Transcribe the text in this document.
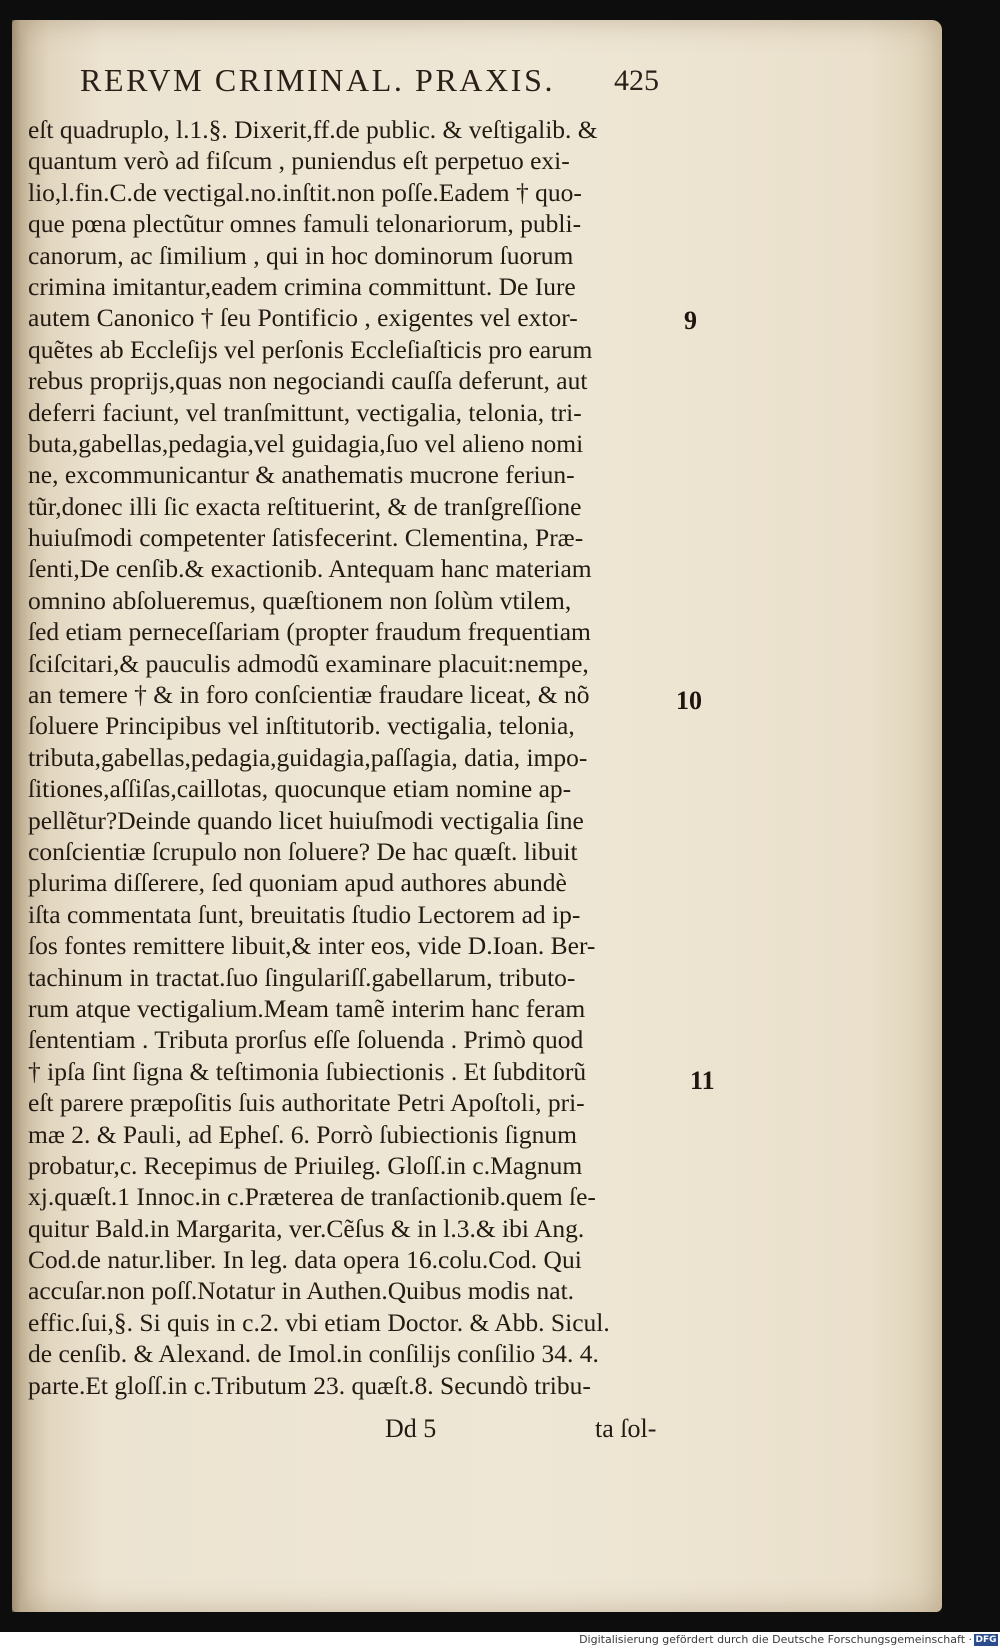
RERVM CRIMINAL. PRAXIS.	425
eſt quadruplo, l.1.§. Dixerit,ff.de public. & veſtigalib. &
quantum verò ad fiſcum , puniendus eſt perpetuo exi-
lio,l.fin.C.de vectigal.no.inſtit.non poſſe.Eadem † quo-
que pœna plectũtur omnes famuli telonariorum, publi-
canorum, ac ſimilium , qui in hoc dominorum ſuorum
crimina imitantur,eadem crimina committunt. De Iure
autem Canonico † ſeu Pontificio , exigentes vel extor-
quẽtes ab Eccleſijs vel perſonis Eccleſiaſticis pro earum
rebus proprijs,quas non negociandi cauſſa deferunt, aut
deferri faciunt, vel tranſmittunt, vectigalia, telonia, tri-
buta,gabellas,pedagia,vel guidagia,ſuo vel alieno nomi
ne, excommunicantur & anathematis mucrone feriun-
tũr,donec illi ſic exacta reſtituerint, & de tranſgreſſione
huiuſmodi competenter ſatisfecerint. Clementina, Præ-
ſenti,De cenſib.& exactionib. Antequam hanc materiam
omnino abſolueremus, quæſtionem non ſolùm vtilem,
ſed etiam perneceſſariam (propter fraudum frequentiam
ſciſcitari,& pauculis admodũ examinare placuit:nempe,
an temere † & in foro conſcientiæ fraudare liceat, & nõ
ſoluere Principibus vel inſtitutorib. vectigalia, telonia,
tributa,gabellas,pedagia,guidagia,paſſagia, datia, impo-
ſitiones,aſſiſas,caillotas, quocunque etiam nomine ap-
pellẽtur?Deinde quando licet huiuſmodi vectigalia ſine
conſcientiæ ſcrupulo non ſoluere? De hac quæſt. libuit
plurima diſſerere, ſed quoniam apud authores abundè
iſta commentata ſunt, breuitatis ſtudio Lectorem ad ip-
ſos fontes remittere libuit,& inter eos, vide D.Ioan. Ber-
tachinum in tractat.ſuo ſingulariſſ.gabellarum, tributo-
rum atque vectigalium.Meam tamẽ interim hanc feram
ſententiam . Tributa prorſus eſſe ſoluenda . Primò quod
† ipſa ſint ſigna & teſtimonia ſubiectionis . Et ſubditorũ
eſt parere præpoſitis ſuis authoritate Petri Apoſtoli, pri-
mæ 2. & Pauli, ad Epheſ. 6. Porrò ſubiectionis ſignum
probatur,c. Recepimus de Priuileg. Gloſſ.in c.Magnum
xj.quæſt.1 Innoc.in c.Præterea de tranſactionib.quem ſe-
quitur Bald.in Margarita, ver.Cẽſus & in l.3.& ibi Ang.
Cod.de natur.liber. In leg. data opera 16.colu.Cod. Qui
accuſar.non poſſ.Notatur in Authen.Quibus modis nat.
effic.ſui,§. Si quis in c.2. vbi etiam Doctor. & Abb. Sicul.
de cenſib. & Alexand. de Imol.in conſilijs conſilio 34. 4.
parte.Et gloſſ.in c.Tributum 23. quæſt.8. Secundò tribu-
9
10
11
Dd 5	ta ſol-
Digitalisierung gefördert durch die Deutsche Forschungsgemeinschaft · DFG
